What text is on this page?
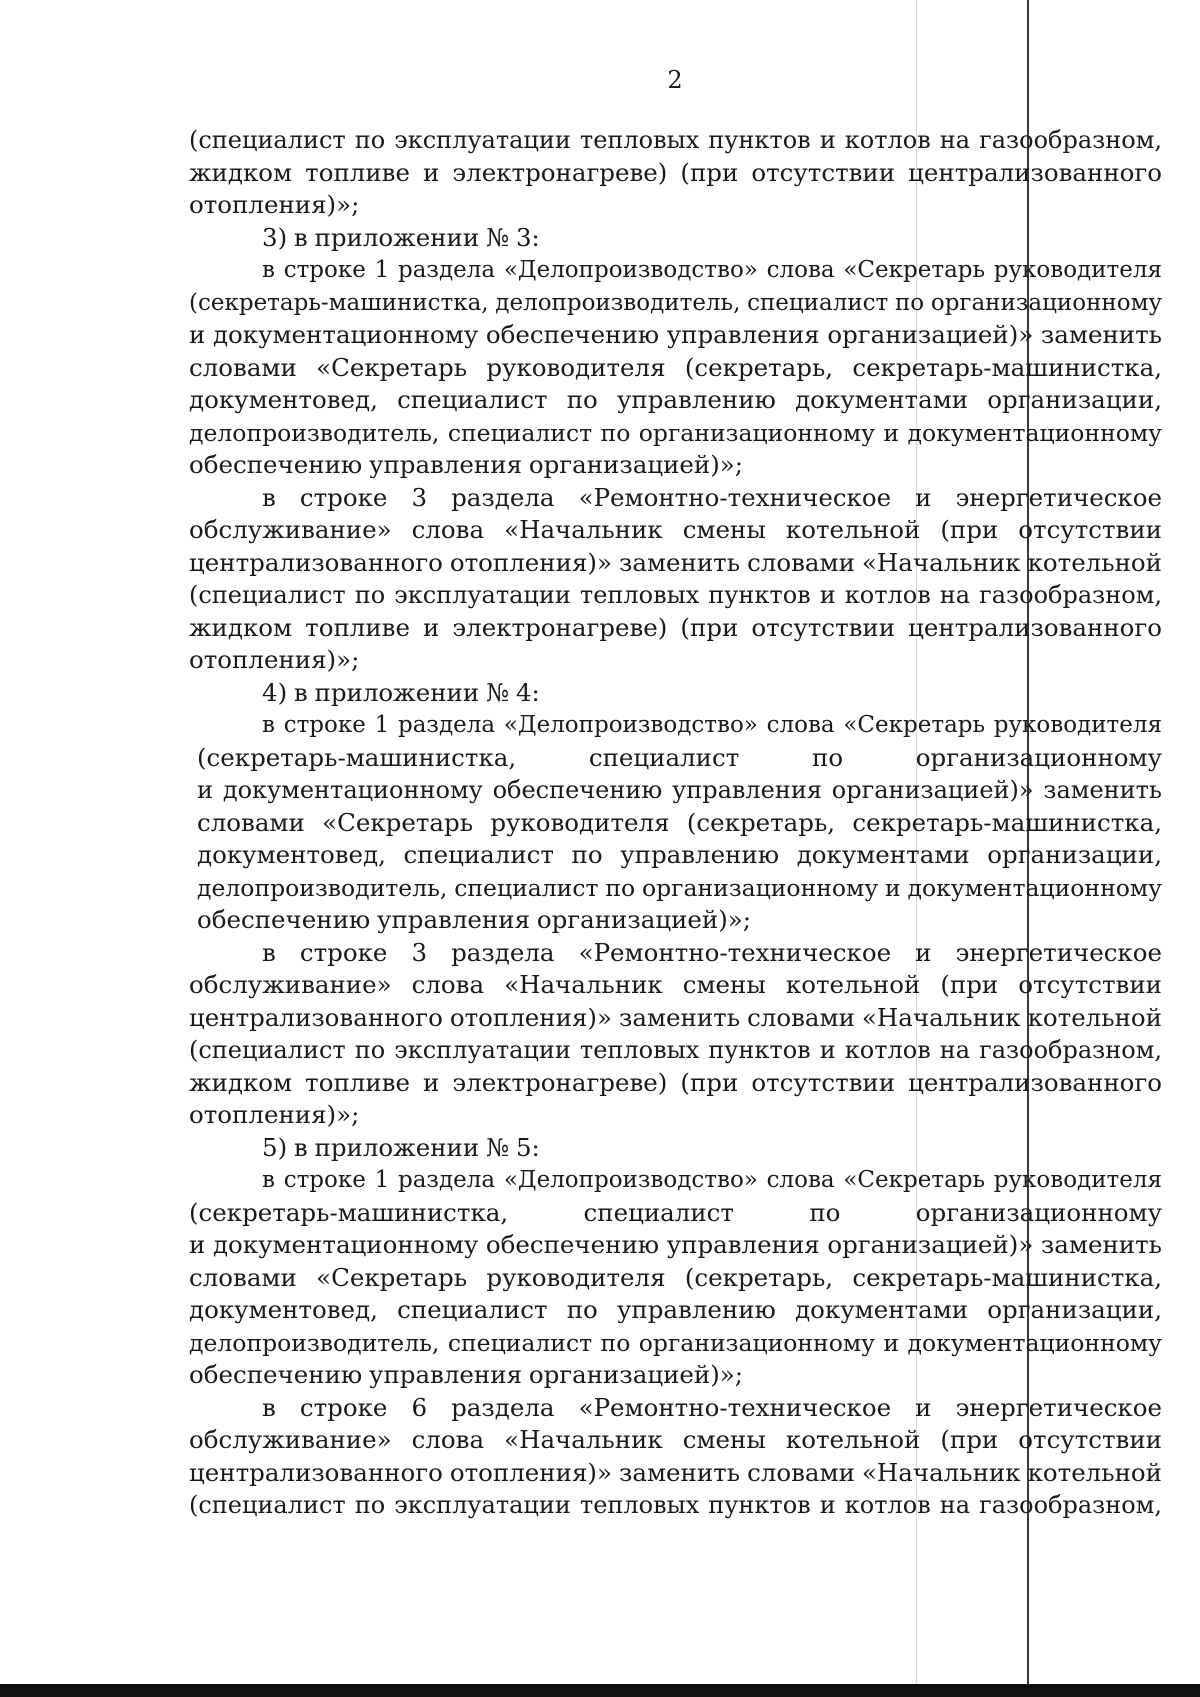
2
(специалист по эксплуатации тепловых пунктов и котлов на газообразном,
жидком топливе и электронагреве) (при отсутствии централизованного
отопления)»;
3) в приложении № 3:
в строке 1 раздела «Делопроизводство» слова «Секретарь руководителя
(секретарь-машинистка, делопроизводитель, специалист по организационному
и документационному обеспечению управления организацией)» заменить
словами «Секретарь руководителя (секретарь, секретарь-машинистка,
документовед, специалист по управлению документами организации,
делопроизводитель, специалист по организационному и документационному
обеспечению управления организацией)»;
в строке 3 раздела «Ремонтно-техническое и энергетическое
обслуживание» слова «Начальник смены котельной (при отсутствии
централизованного отопления)» заменить словами «Начальник котельной
(специалист по эксплуатации тепловых пунктов и котлов на газообразном,
жидком топливе и электронагреве) (при отсутствии централизованного
отопления)»;
4) в приложении № 4:
в строке 1 раздела «Делопроизводство» слова «Секретарь руководителя
(секретарь-машинистка, специалист по организационному
и документационному обеспечению управления организацией)» заменить
словами «Секретарь руководителя (секретарь, секретарь-машинистка,
документовед, специалист по управлению документами организации,
делопроизводитель, специалист по организационному и документационному
обеспечению управления организацией)»;
в строке 3 раздела «Ремонтно-техническое и энергетическое
обслуживание» слова «Начальник смены котельной (при отсутствии
централизованного отопления)» заменить словами «Начальник котельной
(специалист по эксплуатации тепловых пунктов и котлов на газообразном,
жидком топливе и электронагреве) (при отсутствии централизованного
отопления)»;
5) в приложении № 5:
в строке 1 раздела «Делопроизводство» слова «Секретарь руководителя
(секретарь-машинистка, специалист по организационному
и документационному обеспечению управления организацией)» заменить
словами «Секретарь руководителя (секретарь, секретарь-машинистка,
документовед, специалист по управлению документами организации,
делопроизводитель, специалист по организационному и документационному
обеспечению управления организацией)»;
в строке 6 раздела «Ремонтно-техническое и энергетическое
обслуживание» слова «Начальник смены котельной (при отсутствии
централизованного отопления)» заменить словами «Начальник котельной
(специалист по эксплуатации тепловых пунктов и котлов на газообразном,
